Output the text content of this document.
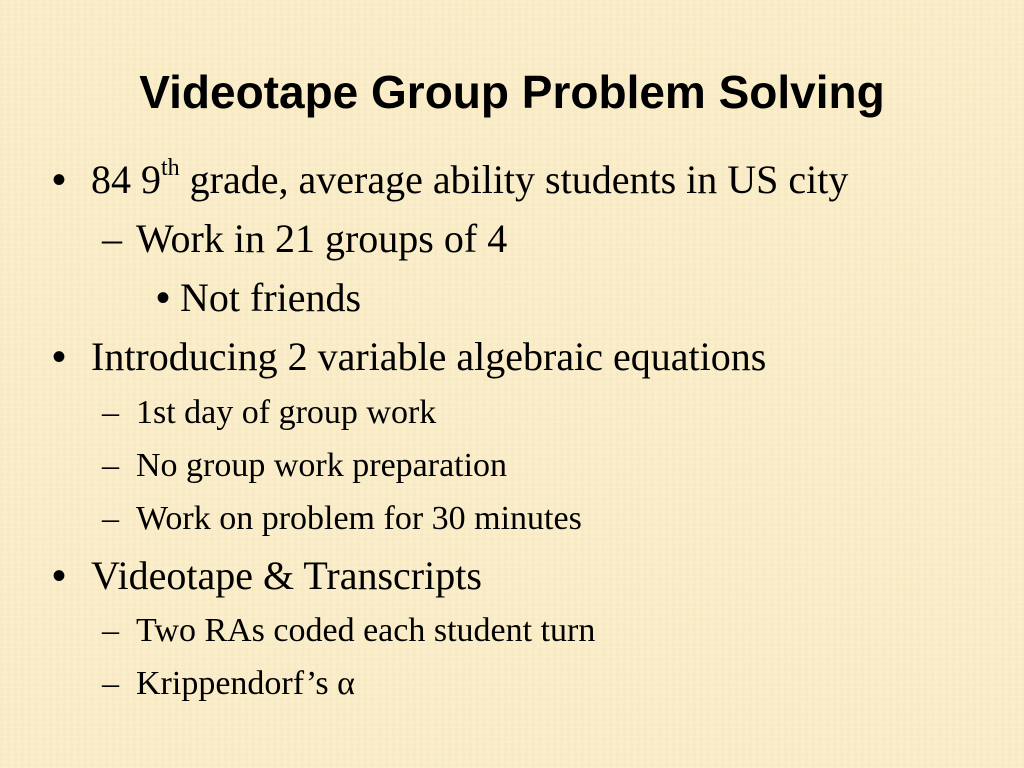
Videotape Group Problem Solving
• 84 9th grade, average ability students in US city
– Work in 21 groups of 4
• Not friends
• Introducing 2 variable algebraic equations
– 1st day of group work
– No group work preparation
– Work on problem for 30 minutes
• Videotape & Transcripts
– Two RAs coded each student turn
– Krippendorf’s α
